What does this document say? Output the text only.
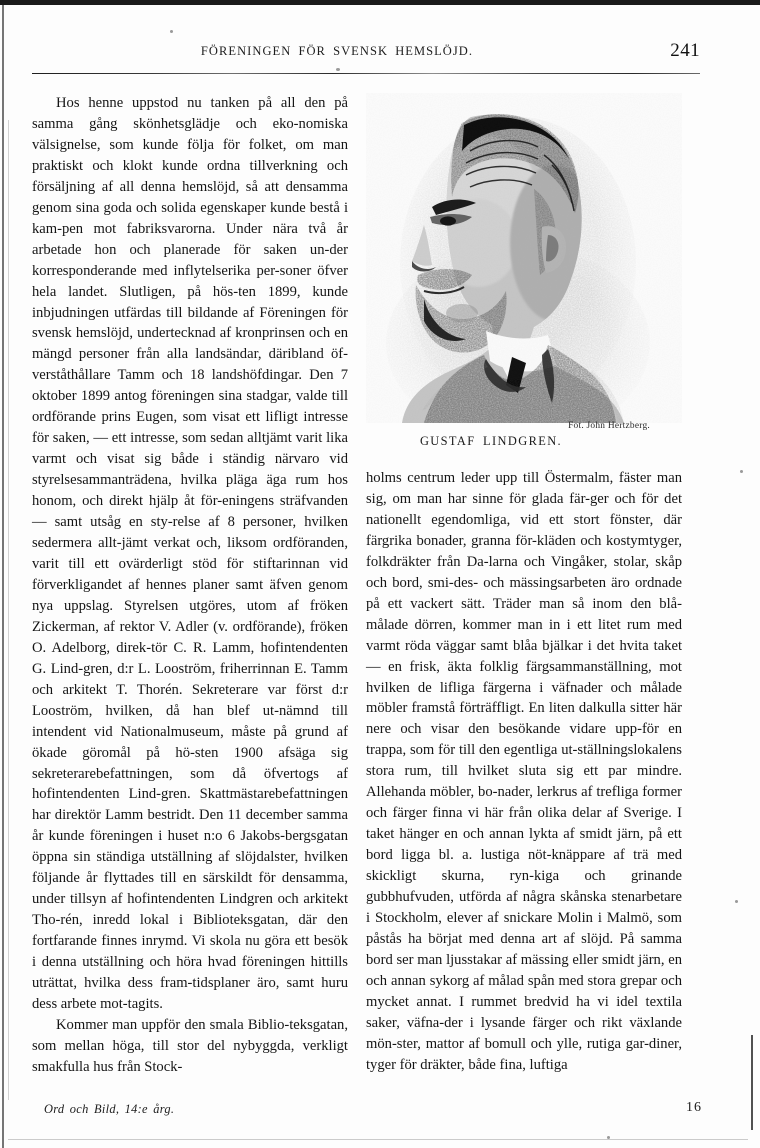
FÖRENINGEN FÖR SVENSK HEMSLÖJD.	241
Fot. John Hertzberg.
GUSTAF LINDGREN.

Hos henne uppstod nu tanken på all den på samma gång skönhetsglädje och eko-nomiska välsignelse, som kunde följa för folket, om man praktiskt och klokt kunde ordna tillverkning och försäljning af all denna hemslöjd, så att densamma genom sina goda och solida egenskaper kunde bestå i kam-pen mot fabriksvarorna. Under nära två år arbetade hon och planerade för saken un-der korresponderande med inflytelserika per-soner öfver hela landet. Slutligen, på hös-ten 1899, kunde inbjudningen utfärdas till bildande af Föreningen för svensk hemslöjd, undertecknad af kronprinsen och en mängd personer från alla landsändar, däribland öf-verståthållare Tamm och 18 landshöfdingar. Den 7 oktober 1899 antog föreningen sina stadgar, valde till ordförande prins Eugen, som visat ett lifligt intresse för saken, — ett intresse, som sedan alltjämt varit lika varmt och visat sig både i ständig närvaro vid styrelsesammanträdena, hvilka pläga äga rum hos honom, och direkt hjälp åt för-eningens sträfvanden — samt utsåg en sty-relse af 8 personer, hvilken sedermera allt-jämt verkat och, liksom ordföranden, varit till ett ovärderligt stöd för stiftarinnan vid förverkligandet af hennes planer samt äfven genom nya uppslag. Styrelsen utgöres, utom af fröken Zickerman, af rektor V. Adler (v. ordförande), fröken O. Adelborg, direk-tör C. R. Lamm, hofintendenten G. Lind-gren, d:r L. Looström, friherrinnan E. Tamm och arkitekt T. Thorén. Sekreterare var först d:r Looström, hvilken, då han blef ut-nämnd till intendent vid Nationalmuseum, måste på grund af ökade göromål på hö-sten 1900 afsäga sig sekreterarebefattningen, som då öfvertogs af hofintendenten Lind-gren. Skattmästarebefattningen har direktör Lamm bestridt. Den 11 december samma år kunde föreningen i huset n:o 6 Jakobs-bergsgatan öppna sin ständiga utställning af slöjdalster, hvilken följande år flyttades till en särskildt för densamma, under tillsyn af hofintendenten Lindgren och arkitekt Tho-rén, inredd lokal i Biblioteksgatan, där den fortfarande finnes inrymd. Vi skola nu göra ett besök i denna utställning och höra hvad föreningen hittills uträttat, hvilka dess fram-tidsplaner äro, samt huru dess arbete mot-tagits.

Kommer man uppför den smala Biblio-teksgatan, som mellan höga, till stor del nybyggda, verkligt smakfulla hus från Stock-

holms centrum leder upp till Östermalm, fäster man sig, om man har sinne för glada fär-ger och för det nationellt egendomliga, vid ett stort fönster, där färgrika bonader, granna för-kläden och kostymtyger, folkdräkter från Da-larna och Vingåker, stolar, skåp och bord, smi-des- och mässingsarbeten äro ordnade på ett vackert sätt. Träder man så inom den blå-målade dörren, kommer man in i ett litet rum med varmt röda väggar samt blåa bjälkar i det hvita taket — en frisk, äkta folklig färgsammanställning, mot hvilken de lifliga färgerna i väfnader och målade möbler framstå förträffligt. En liten dalkulla sitter här nere och visar den besökande vidare upp-för en trappa, som för till den egentliga ut-ställningslokalens stora rum, till hvilket sluta sig ett par mindre. Allehanda möbler, bo-nader, lerkrus af trefliga former och färger finna vi här från olika delar af Sverige. I taket hänger en och annan lykta af smidt järn, på ett bord ligga bl. a. lustiga nöt-knäppare af trä med skickligt skurna, ryn-kiga och grinande gubbhufvuden, utförda af några skånska stenarbetare i Stockholm, elever af snickare Molin i Malmö, som påstås ha börjat med denna art af slöjd. På samma bord ser man ljusstakar af mässing eller smidt järn, en och annan sykorg af målad spån med stora grepar och mycket annat. I rummet bredvid ha vi idel textila saker, väfna-der i lysande färger och rikt växlande mön-ster, mattor af bomull och ylle, rutiga gar-diner, tyger för dräkter, både fina, luftiga

Ord och Bild, 14:e årg.	16
